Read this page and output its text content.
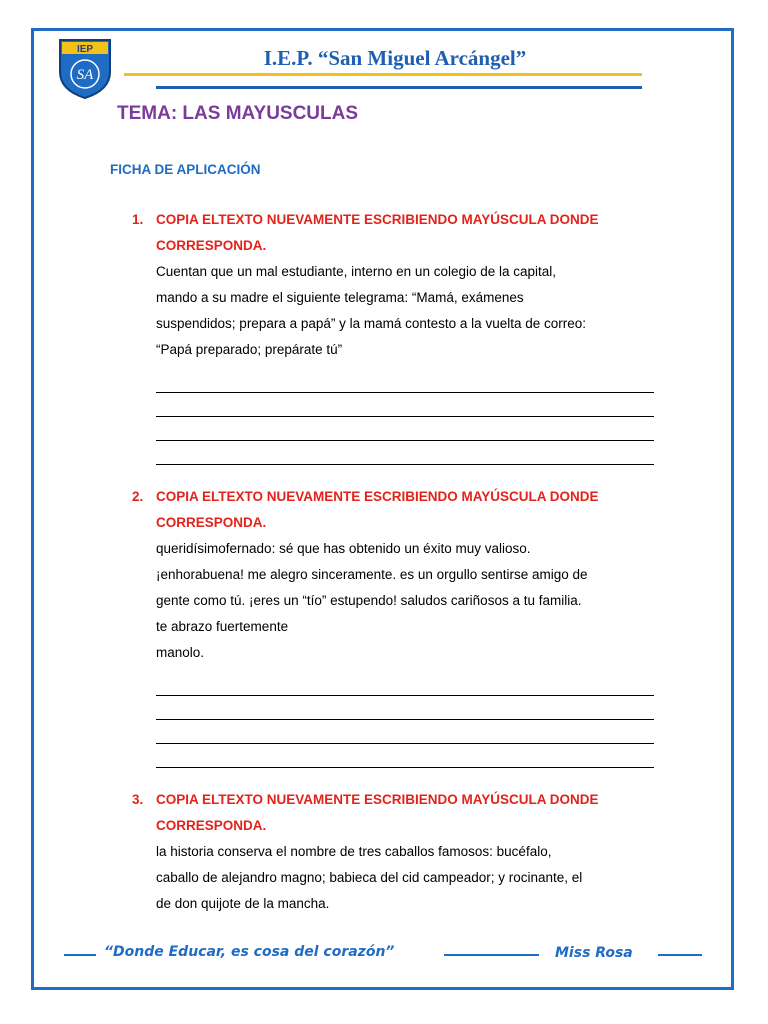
IEP
SA
I.E.P. “San Miguel Arcángel”
TEMA: LAS MAYUSCULAS
FICHA DE APLICACIÓN
1. COPIA ELTEXTO NUEVAMENTE ESCRIBIENDO MAYÚSCULA DONDE CORRESPONDA.

Cuentan que un mal estudiante, interno en un colegio de la capital,

mando a su madre el siguiente telegrama: “Mamá, exámenes

suspendidos; prepara a papá” y la mamá contesto a la vuelta de correo:

“Papá preparado; prepárate tú”

2. COPIA ELTEXTO NUEVAMENTE ESCRIBIENDO MAYÚSCULA DONDE CORRESPONDA.

queridísimofernado: sé que has obtenido un éxito muy valioso.

¡enhorabuena! me alegro sinceramente. es un orgullo sentirse amigo de

gente como tú. ¡eres un “tío” estupendo! saludos cariñosos a tu familia.

te abrazo fuertemente

manolo.

3. COPIA ELTEXTO NUEVAMENTE ESCRIBIENDO MAYÚSCULA DONDE CORRESPONDA.

la historia conserva el nombre de tres caballos famosos: bucéfalo,

caballo de alejandro magno; babieca del cid campeador; y rocinante, el

de don quijote de la mancha.

“Donde Educar, es cosa del corazón”	Miss Rosa
